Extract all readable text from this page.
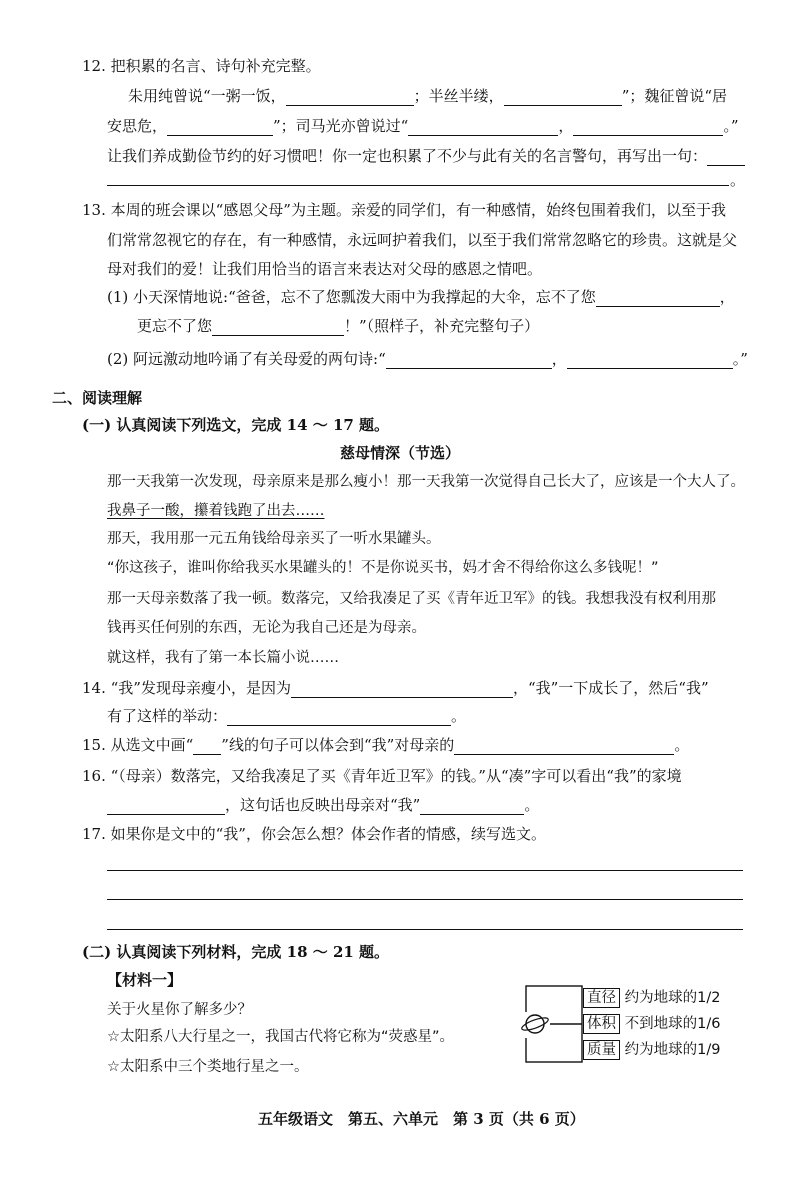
12. 把积累的名言、诗句补充完整。
朱用纯曾说“一粥一饭，	；半丝半缕，	”；魏征曾说“居
安思危，	”；司马光亦曾说过“	，	。”
让我们养成勤俭节约的好习惯吧！你一定也积累了不少与此有关的名言警句，再写出一句：
。
13. 本周的班会课以“感恩父母”为主题。亲爱的同学们，有一种感情，始终包围着我们，以至于我
们常常忽视它的存在，有一种感情，永远呵护着我们，以至于我们常常忽略它的珍贵。这就是父
母对我们的爱！让我们用恰当的语言来表达对父母的感恩之情吧。
(1) 小天深情地说:“爸爸，忘不了您瓢泼大雨中为我撑起的大伞，忘不了您	，
更忘不了您	！”（照样子，补充完整句子）
(2) 阿远激动地吟诵了有关母爱的两句诗:“	，	。”
二、阅读理解
(一) 认真阅读下列选文，完成 14 ～ 17 题。
慈母情深（节选）
那一天我第一次发现，母亲原来是那么瘦小！那一天我第一次觉得自己长大了，应该是一个大人了。
我鼻子一酸，攥着钱跑了出去……
那天，我用那一元五角钱给母亲买了一听水果罐头。
“你这孩子，谁叫你给我买水果罐头的！不是你说买书，妈才舍不得给你这么多钱呢！”
那一天母亲数落了我一顿。数落完，又给我凑足了买《青年近卫军》的钱。我想我没有权利用那
钱再买任何别的东西，无论为我自己还是为母亲。
就这样，我有了第一本长篇小说……
14. “我”发现母亲瘦小，是因为	，“我”一下成长了，然后“我”
有了这样的举动：	。
15. 从选文中画“ ”线的句子可以体会到“我”对母亲的	。
16. “（母亲）数落完，又给我凑足了买《青年近卫军》的钱。”从“凑”字可以看出“我”的家境
，这句话也反映出母亲对“我”	。
17. 如果你是文中的“我”，你会怎么想？体会作者的情感，续写选文。
(二) 认真阅读下列材料，完成 18 ～ 21 题。
【材料一】
关于火星你了解多少？
☆太阳系八大行星之一，我国古代将它称为“荧惑星”。
☆太阳系中三个类地行星之一。
直径 约为地球的1/2
体积 不到地球的1/6
质量 约为地球的1/9
五年级语文　第五、六单元　第 3 页（共 6 页）
